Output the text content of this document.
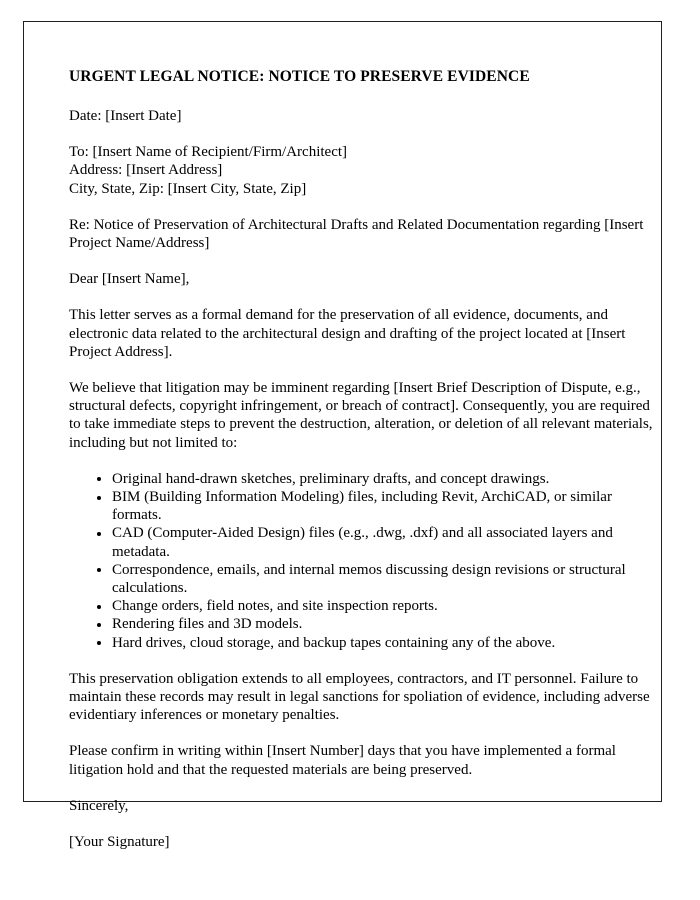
URGENT LEGAL NOTICE: NOTICE TO PRESERVE EVIDENCE

Date: [Insert Date]

To: [Insert Name of Recipient/Firm/Architect]
Address: [Insert Address]
City, State, Zip: [Insert City, State, Zip]

Re: Notice of Preservation of Architectural Drafts and Related Documentation regarding [Insert Project Name/Address]

Dear [Insert Name],

This letter serves as a formal demand for the preservation of all evidence, documents, and electronic data related to the architectural design and drafting of the project located at [Insert Project Address].

We believe that litigation may be imminent regarding [Insert Brief Description of Dispute, e.g., structural defects, copyright infringement, or breach of contract]. Consequently, you are required to take immediate steps to prevent the destruction, alteration, or deletion of all relevant materials, including but not limited to:

Original hand-drawn sketches, preliminary drafts, and concept drawings.
BIM (Building Information Modeling) files, including Revit, ArchiCAD, or similar formats.
CAD (Computer-Aided Design) files (e.g., .dwg, .dxf) and all associated layers and metadata.
Correspondence, emails, and internal memos discussing design revisions or structural calculations.
Change orders, field notes, and site inspection reports.
Rendering files and 3D models.
Hard drives, cloud storage, and backup tapes containing any of the above.

This preservation obligation extends to all employees, contractors, and IT personnel. Failure to maintain these records may result in legal sanctions for spoliation of evidence, including adverse evidentiary inferences or monetary penalties.

Please confirm in writing within [Insert Number] days that you have implemented a formal litigation hold and that the requested materials are being preserved.

Sincerely,

[Your Signature]
